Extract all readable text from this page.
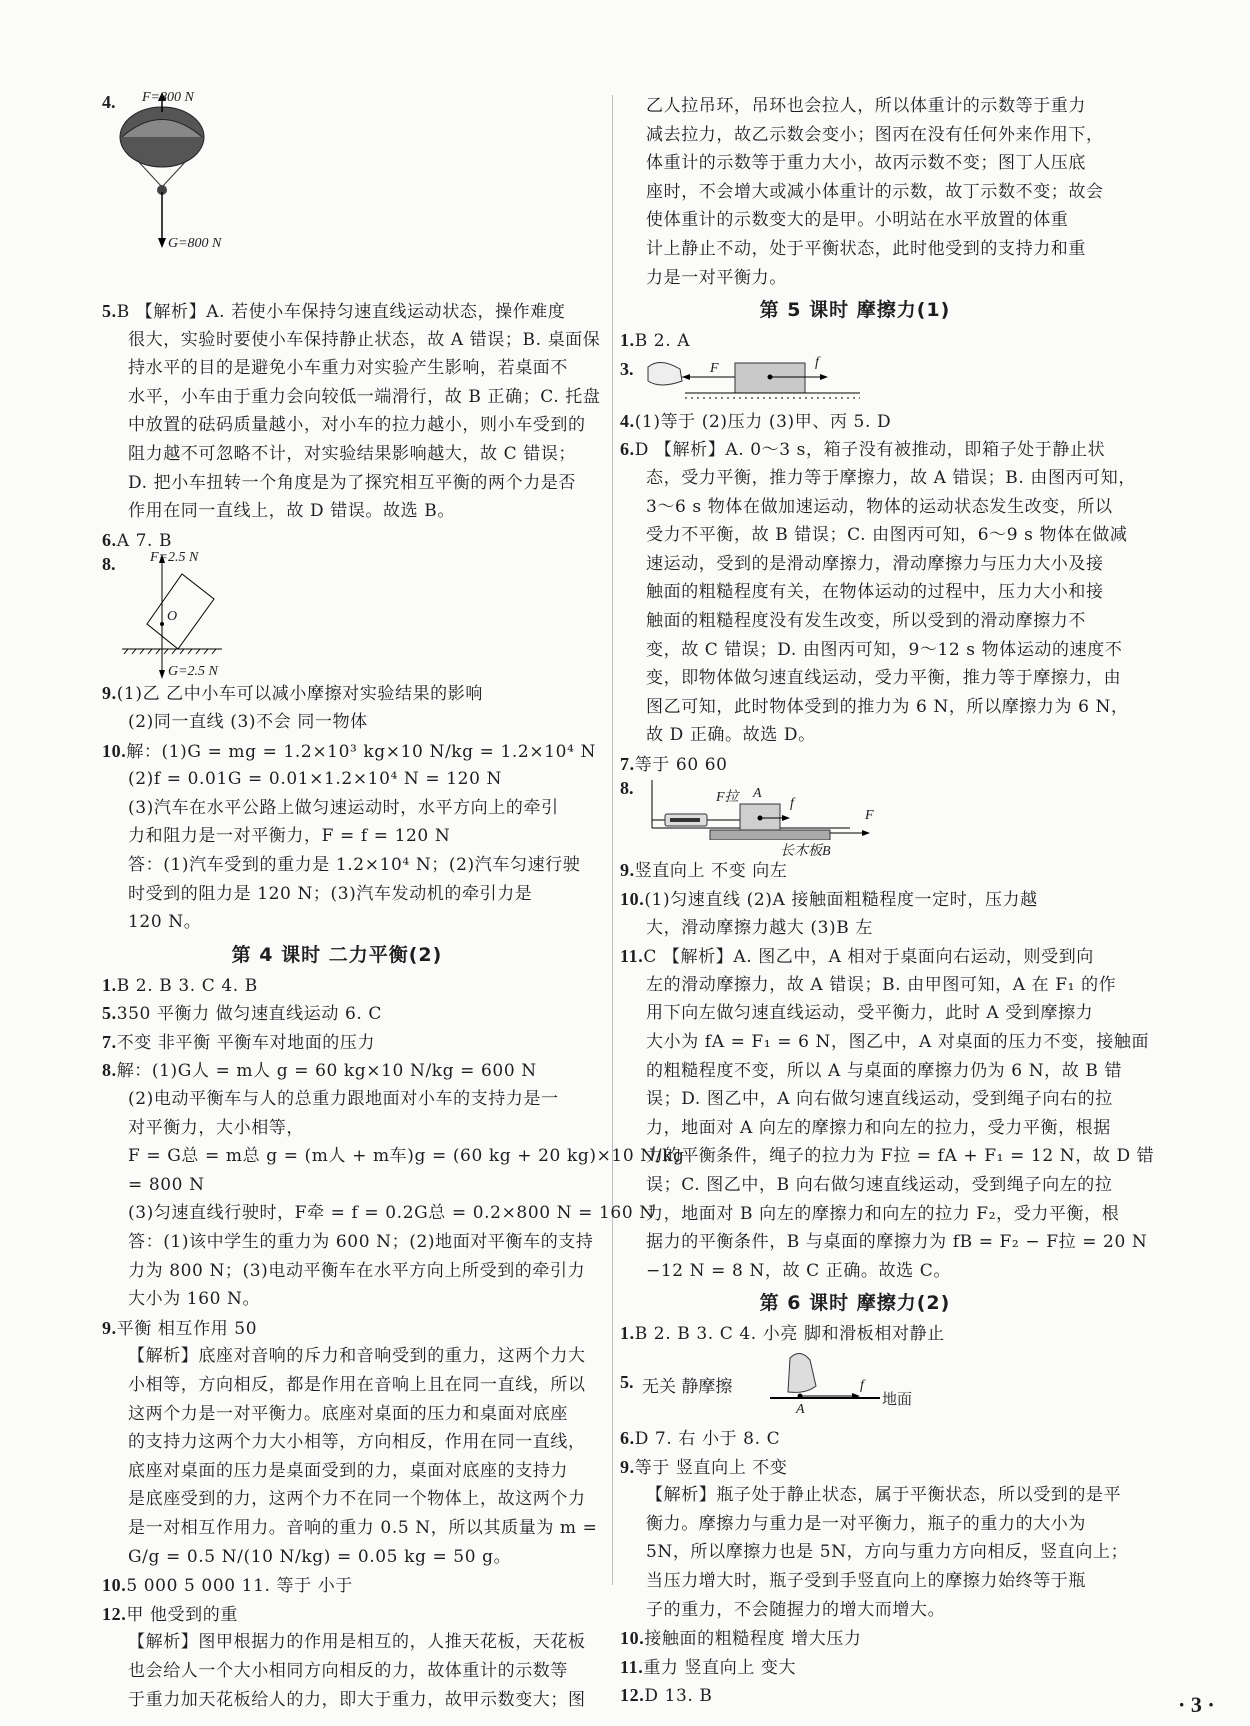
4. F=800 N
G=800 N
5.B 【解析】A. 若使小车保持匀速直线运动状态，操作难度
很大，实验时要使小车保持静止状态，故 A 错误；B. 桌面保
持水平的目的是避免小车重力对实验产生影响，若桌面不
水平，小车由于重力会向较低一端滑行，故 B 正确；C. 托盘
中放置的砝码质量越小，对小车的拉力越小，则小车受到的
阻力越不可忽略不计，对实验结果影响越大，故 C 错误；
D. 把小车扭转一个角度是为了探究相互平衡的两个力是否
作用在同一直线上，故 D 错误。故选 B。
6.A 7. B
8. F=2.5 N
O
G=2.5 N
9.(1)乙 乙中小车可以减小摩擦对实验结果的影响
(2)同一直线 (3)不会 同一物体
10.解：(1)G = mg = 1.2×10³ kg×10 N/kg = 1.2×10⁴ N
(2)f = 0.01G = 0.01×1.2×10⁴ N = 120 N
(3)汽车在水平公路上做匀速运动时，水平方向上的牵引
力和阻力是一对平衡力，F = f = 120 N
答：(1)汽车受到的重力是 1.2×10⁴ N；(2)汽车匀速行驶
时受到的阻力是 120 N；(3)汽车发动机的牵引力是
120 N。
第 4 课时 二力平衡(2)
1.B 2. B 3. C 4. B
5.350 平衡力 做匀速直线运动 6. C
7.不变 非平衡 平衡车对地面的压力
8.解：(1)G人 = m人 g = 60 kg×10 N/kg = 600 N
(2)电动平衡车与人的总重力跟地面对小车的支持力是一
对平衡力，大小相等，
F = G总 = m总 g = (m人 + m车)g = (60 kg + 20 kg)×10 N/kg
= 800 N
(3)匀速直线行驶时，F牵 = f = 0.2G总 = 0.2×800 N = 160 N
答：(1)该中学生的重力为 600 N；(2)地面对平衡车的支持
力为 800 N；(3)电动平衡车在水平方向上所受到的牵引力
大小为 160 N。
9.平衡 相互作用 50
【解析】底座对音响的斥力和音响受到的重力，这两个力大
小相等，方向相反，都是作用在音响上且在同一直线，所以
这两个力是一对平衡力。底座对桌面的压力和桌面对底座
的支持力这两个力大小相等，方向相反，作用在同一直线，
底座对桌面的压力是桌面受到的力，桌面对底座的支持力
是底座受到的力，这两个力不在同一个物体上，故这两个力
是一对相互作用力。音响的重力 0.5 N，所以其质量为 m =
G/g = 0.5 N/(10 N/kg) = 0.05 kg = 50 g。
10.5 000 5 000 11. 等于 小于
12.甲 他受到的重
【解析】图甲根据力的作用是相互的，人推天花板，天花板
也会给人一个大小相同方向相反的力，故体重计的示数等
于重力加天花板给人的力，即大于重力，故甲示数变大；图
乙人拉吊环，吊环也会拉人，所以体重计的示数等于重力
减去拉力，故乙示数会变小；图丙在没有任何外来作用下，
体重计的示数等于重力大小，故丙示数不变；图丁人压底
座时，不会增大或减小体重计的示数，故丁示数不变；故会
使体重计的示数变大的是甲。小明站在水平放置的体重
计上静止不动，处于平衡状态，此时他受到的支持力和重
力是一对平衡力。
第 5 课时 摩擦力(1)
1.B 2. A
3.	F	f
4.(1)等于 (2)压力 (3)甲、丙 5. D
6.D 【解析】A. 0～3 s，箱子没有被推动，即箱子处于静止状
态，受力平衡，推力等于摩擦力，故 A 错误；B. 由图丙可知，
3～6 s 物体在做加速运动，物体的运动状态发生改变，所以
受力不平衡，故 B 错误；C. 由图丙可知，6～9 s 物体在做减
速运动，受到的是滑动摩擦力，滑动摩擦力与压力大小及接
触面的粗糙程度有关，在物体运动的过程中，压力大小和接
触面的粗糙程度没有发生改变，所以受到的滑动摩擦力不
变，故 C 错误；D. 由图丙可知，9～12 s 物体运动的速度不
变，即物体做匀速直线运动，受力平衡，推力等于摩擦力，由
图乙可知，此时物体受到的推力为 6 N，所以摩擦力为 6 N，
故 D 正确。故选 D。
7.等于 60 60
8.	F拉 A
f
F
长木板B
9.竖直向上 不变 向左
10.(1)匀速直线 (2)A 接触面粗糙程度一定时，压力越
大，滑动摩擦力越大 (3)B 左
11.C 【解析】A. 图乙中，A 相对于桌面向右运动，则受到向
左的滑动摩擦力，故 A 错误；B. 由甲图可知，A 在 F₁ 的作
用下向左做匀速直线运动，受平衡力，此时 A 受到摩擦力
大小为 fA = F₁ = 6 N，图乙中，A 对桌面的压力不变，接触面
的粗糙程度不变，所以 A 与桌面的摩擦力仍为 6 N，故 B 错
误；D. 图乙中，A 向右做匀速直线运动，受到绳子向右的拉
力，地面对 A 向左的摩擦力和向左的拉力，受力平衡，根据
力的平衡条件，绳子的拉力为 F拉 = fA + F₁ = 12 N，故 D 错
误；C. 图乙中，B 向右做匀速直线运动，受到绳子向左的拉
力，地面对 B 向左的摩擦力和向左的拉力 F₂，受力平衡，根
据力的平衡条件，B 与桌面的摩擦力为 fB = F₂ − F拉 = 20 N
−12 N = 8 N，故 C 正确。故选 C。
第 6 课时 摩擦力(2)
1.B 2. B 3. C 4. 小亮 脚和滑板相对静止
5. 无关 静摩擦	f
地面
A
6.D 7. 右 小于 8. C
9.等于 竖直向上 不变
【解析】瓶子处于静止状态，属于平衡状态，所以受到的是平
衡力。摩擦力与重力是一对平衡力，瓶子的重力的大小为
5N，所以摩擦力也是 5N，方向与重力方向相反，竖直向上；
当压力增大时，瓶子受到手竖直向上的摩擦力始终等于瓶
子的重力，不会随握力的增大而增大。
10.接触面的粗糙程度 增大压力
11.重力 竖直向上 变大
12.D 13. B	· 3 ·
